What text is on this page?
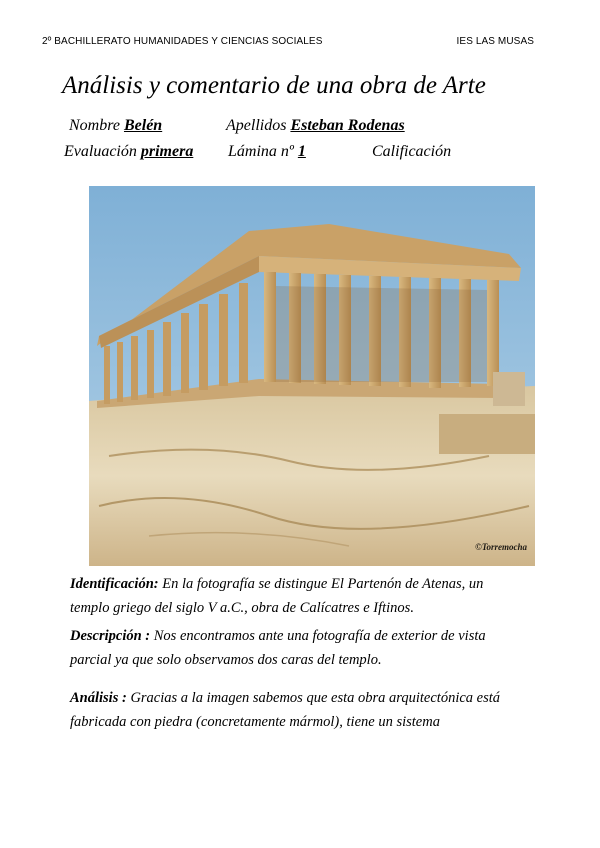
2º BACHILLERATO HUMANIDADES Y CIENCIAS SOCIALES	IES LAS MUSAS
Análisis y comentario de una obra de Arte
Nombre Belén	Apellidos Esteban Rodenas
Evaluación primera Lámina nº 1	Calificación
©Torremocha
Identificación: En la fotografía se distingue El Partenón de Atenas, un
templo griego del siglo V a.C., obra de Calícatres e Iftinos.
Descripción : Nos encontramos ante una fotografía de exterior de vista
parcial ya que solo observamos dos caras del templo.
Análisis : Gracias a la imagen sabemos que esta obra arquitectónica está
fabricada con piedra (concretamente mármol), tiene un sistema
